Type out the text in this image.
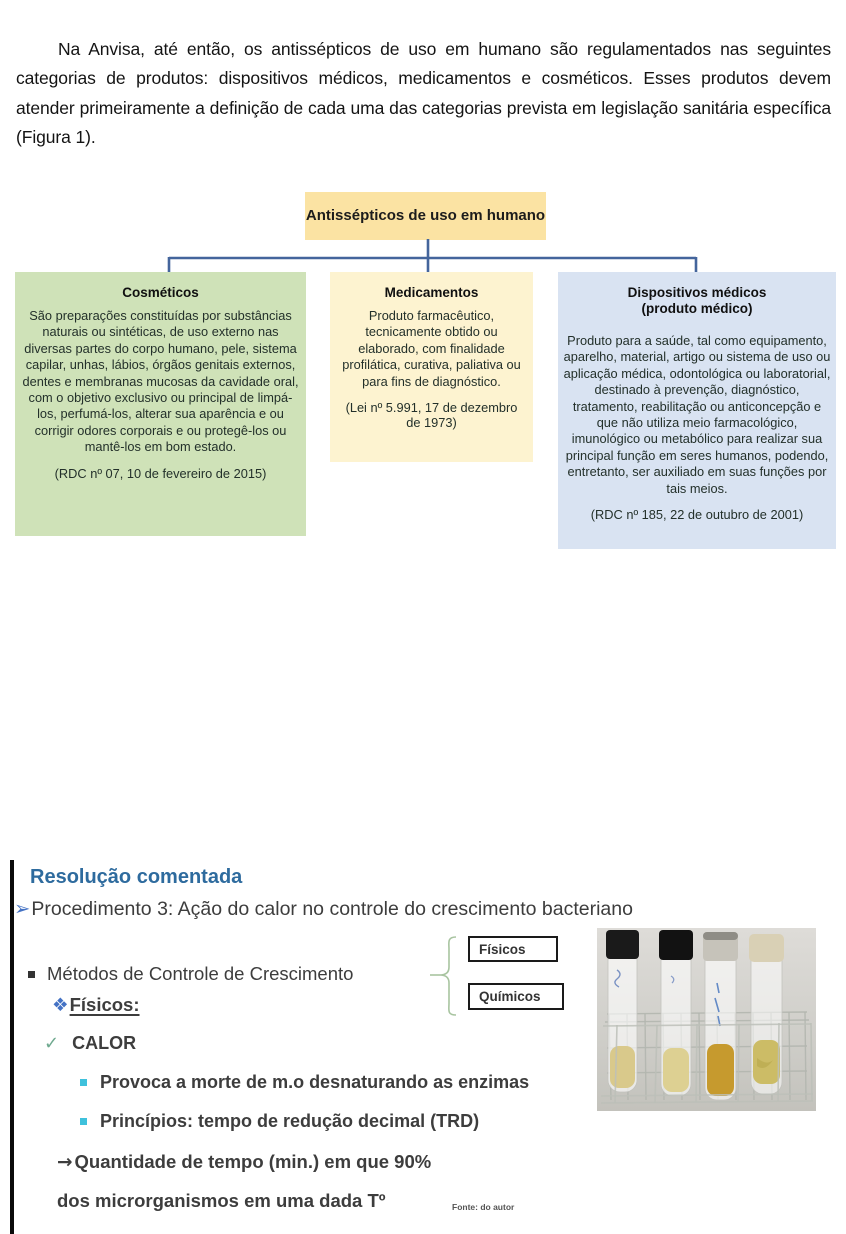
Na Anvisa, até então, os antissépticos de uso em humano são regulamentados nas seguintes categorias de produtos: dispositivos médicos, medicamentos e cosméticos. Esses produtos devem atender primeiramente a definição de cada uma das categorias prevista em legislação sanitária específica (Figura 1).

Antissépticos de uso em humano
Cosméticos
São preparações constituídas por substâncias naturais ou sintéticas, de uso externo nas diversas partes do corpo humano, pele, sistema capilar, unhas, lábios, órgãos genitais externos, dentes e membranas mucosas da cavidade oral, com o objetivo exclusivo ou principal de limpá-los, perfumá-los, alterar sua aparência e ou corrigir odores corporais e ou protegê-los ou mantê-los em bom estado.
(RDC nº 07, 10 de fevereiro de 2015)
Medicamentos
Produto farmacêutico, tecnicamente obtido ou elaborado, com finalidade profilática, curativa, paliativa ou para fins de diagnóstico.
(Lei nº 5.991, 17 de dezembro de 1973)
Dispositivos médicos
(produto médico)
Produto para a saúde, tal como equipamento, aparelho, material, artigo ou sistema de uso ou aplicação médica, odontológica ou laboratorial, destinado à prevenção, diagnóstico, tratamento, reabilitação ou anticoncepção e que não utiliza meio farmacológico, imunológico ou metabólico para realizar sua principal função em seres humanos, podendo, entretanto, ser auxiliado em suas funções por tais meios.
(RDC nº 185, 22 de outubro de 2001)
Resolução comentada
➢Procedimento 3: Ação do calor no controle do crescimento bacteriano
Métodos de Controle de Crescimento
Físicos
Químicos
❖Físicos:
✓ CALOR
Provoca a morte de m.o desnaturando as enzimas
Princípios: tempo de redução decimal (TRD)
→ Quantidade de tempo (min.) em que 90%
dos microrganismos em uma dada Tº	Fonte: do autor
